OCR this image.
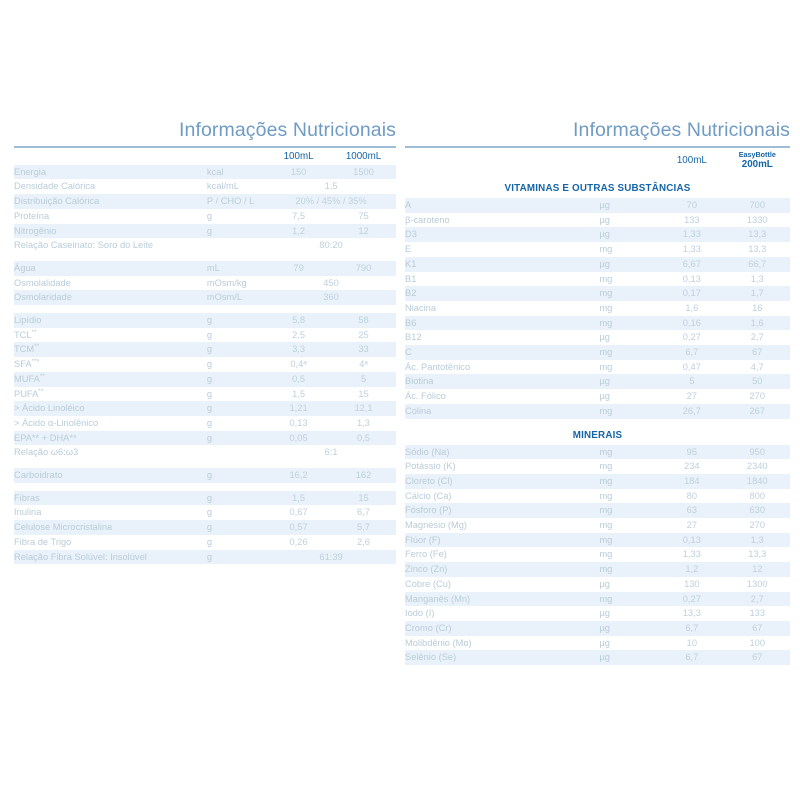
Informações Nutricionais
		100mL	1000mL
Energia	kcal	150	1500
Densidade Calórica	kcal/mL	1,5	
Distribuição Calórica	P / CHO / L	20% / 45% / 35%	
Proteína	g	7,5	75
Nitrogênio	g	1,2	12
Relação Caseinato: Soro do Leite		80:20	

Água	mL	79	790
Osmolalidade	mOsm/kg	450	
Osmolaridade	mOsm/L	360	

Lipídio	g	5,8	58
TCL**	g	2,5	25
TCM**	g	3,3	33
$SFA^{**ᵃ}$	g	0,4ᵃ	4ᵃ
MUFA**	g	0,5	5
PUFA**	g	1,5	15
> Ácido Linoléico	g	1,21	12,1
> Ácido α-Linolênico	g	0,13	1,3
EPA** + DHA**	g	0,05	0,5
Relação ω6:ω3		6:1	

Carboidrato	g	16,2	162

Fibras	g	1,5	15
Inulina	g	0,67	6,7
Celulose Microcristalina	g	0,57	5,7
Fibra de Trigo	g	0,26	2,6
Relação Fibra Solúvel: Insolúvel	g	61:39	
Informações Nutricionais
		100mL	EasyBottle
200mL

VITAMINAS E OUTRAS SUBSTÂNCIAS			
A	µg	70	700
β-caroteno	µg	133	1330
D3	µg	1,33	13,3
E	mg	1,33	13,3
K1	µg	6,67	66,7
B1	mg	0,13	1,3
B2	mg	0,17	1,7
Niacina	mg	1,6	16
B6	mg	0,16	1,6
B12	µg	0,27	2,7
C	mg	6,7	67
Ác. Pantotênico	mg	0,47	4,7
Biotina	µg	5	50
Ác. Fólico	µg	27	270
Colina	mg	26,7	267

MINERAIS			
Sódio (Na)	mg	95	950
Potássio (K)	mg	234	2340
Cloreto (Cl)	mg	184	1840
Cálcio (Ca)	mg	80	800
Fósforo (P)	mg	63	630
Magnésio (Mg)	mg	27	270
Flúor (F)	mg	0,13	1,3
Ferro (Fe)	mg	1,33	13,3
Zinco (Zn)	mg	1,2	12
Cobre (Cu)	µg	130	1300
Manganês (Mn)	mg	0,27	2,7
Iodo (I)	µg	13,3	133
Cromo (Cr)	µg	6,7	67
Molibdênio (Mo)	µg	10	100
Selênio (Se)	µg	6,7	67
